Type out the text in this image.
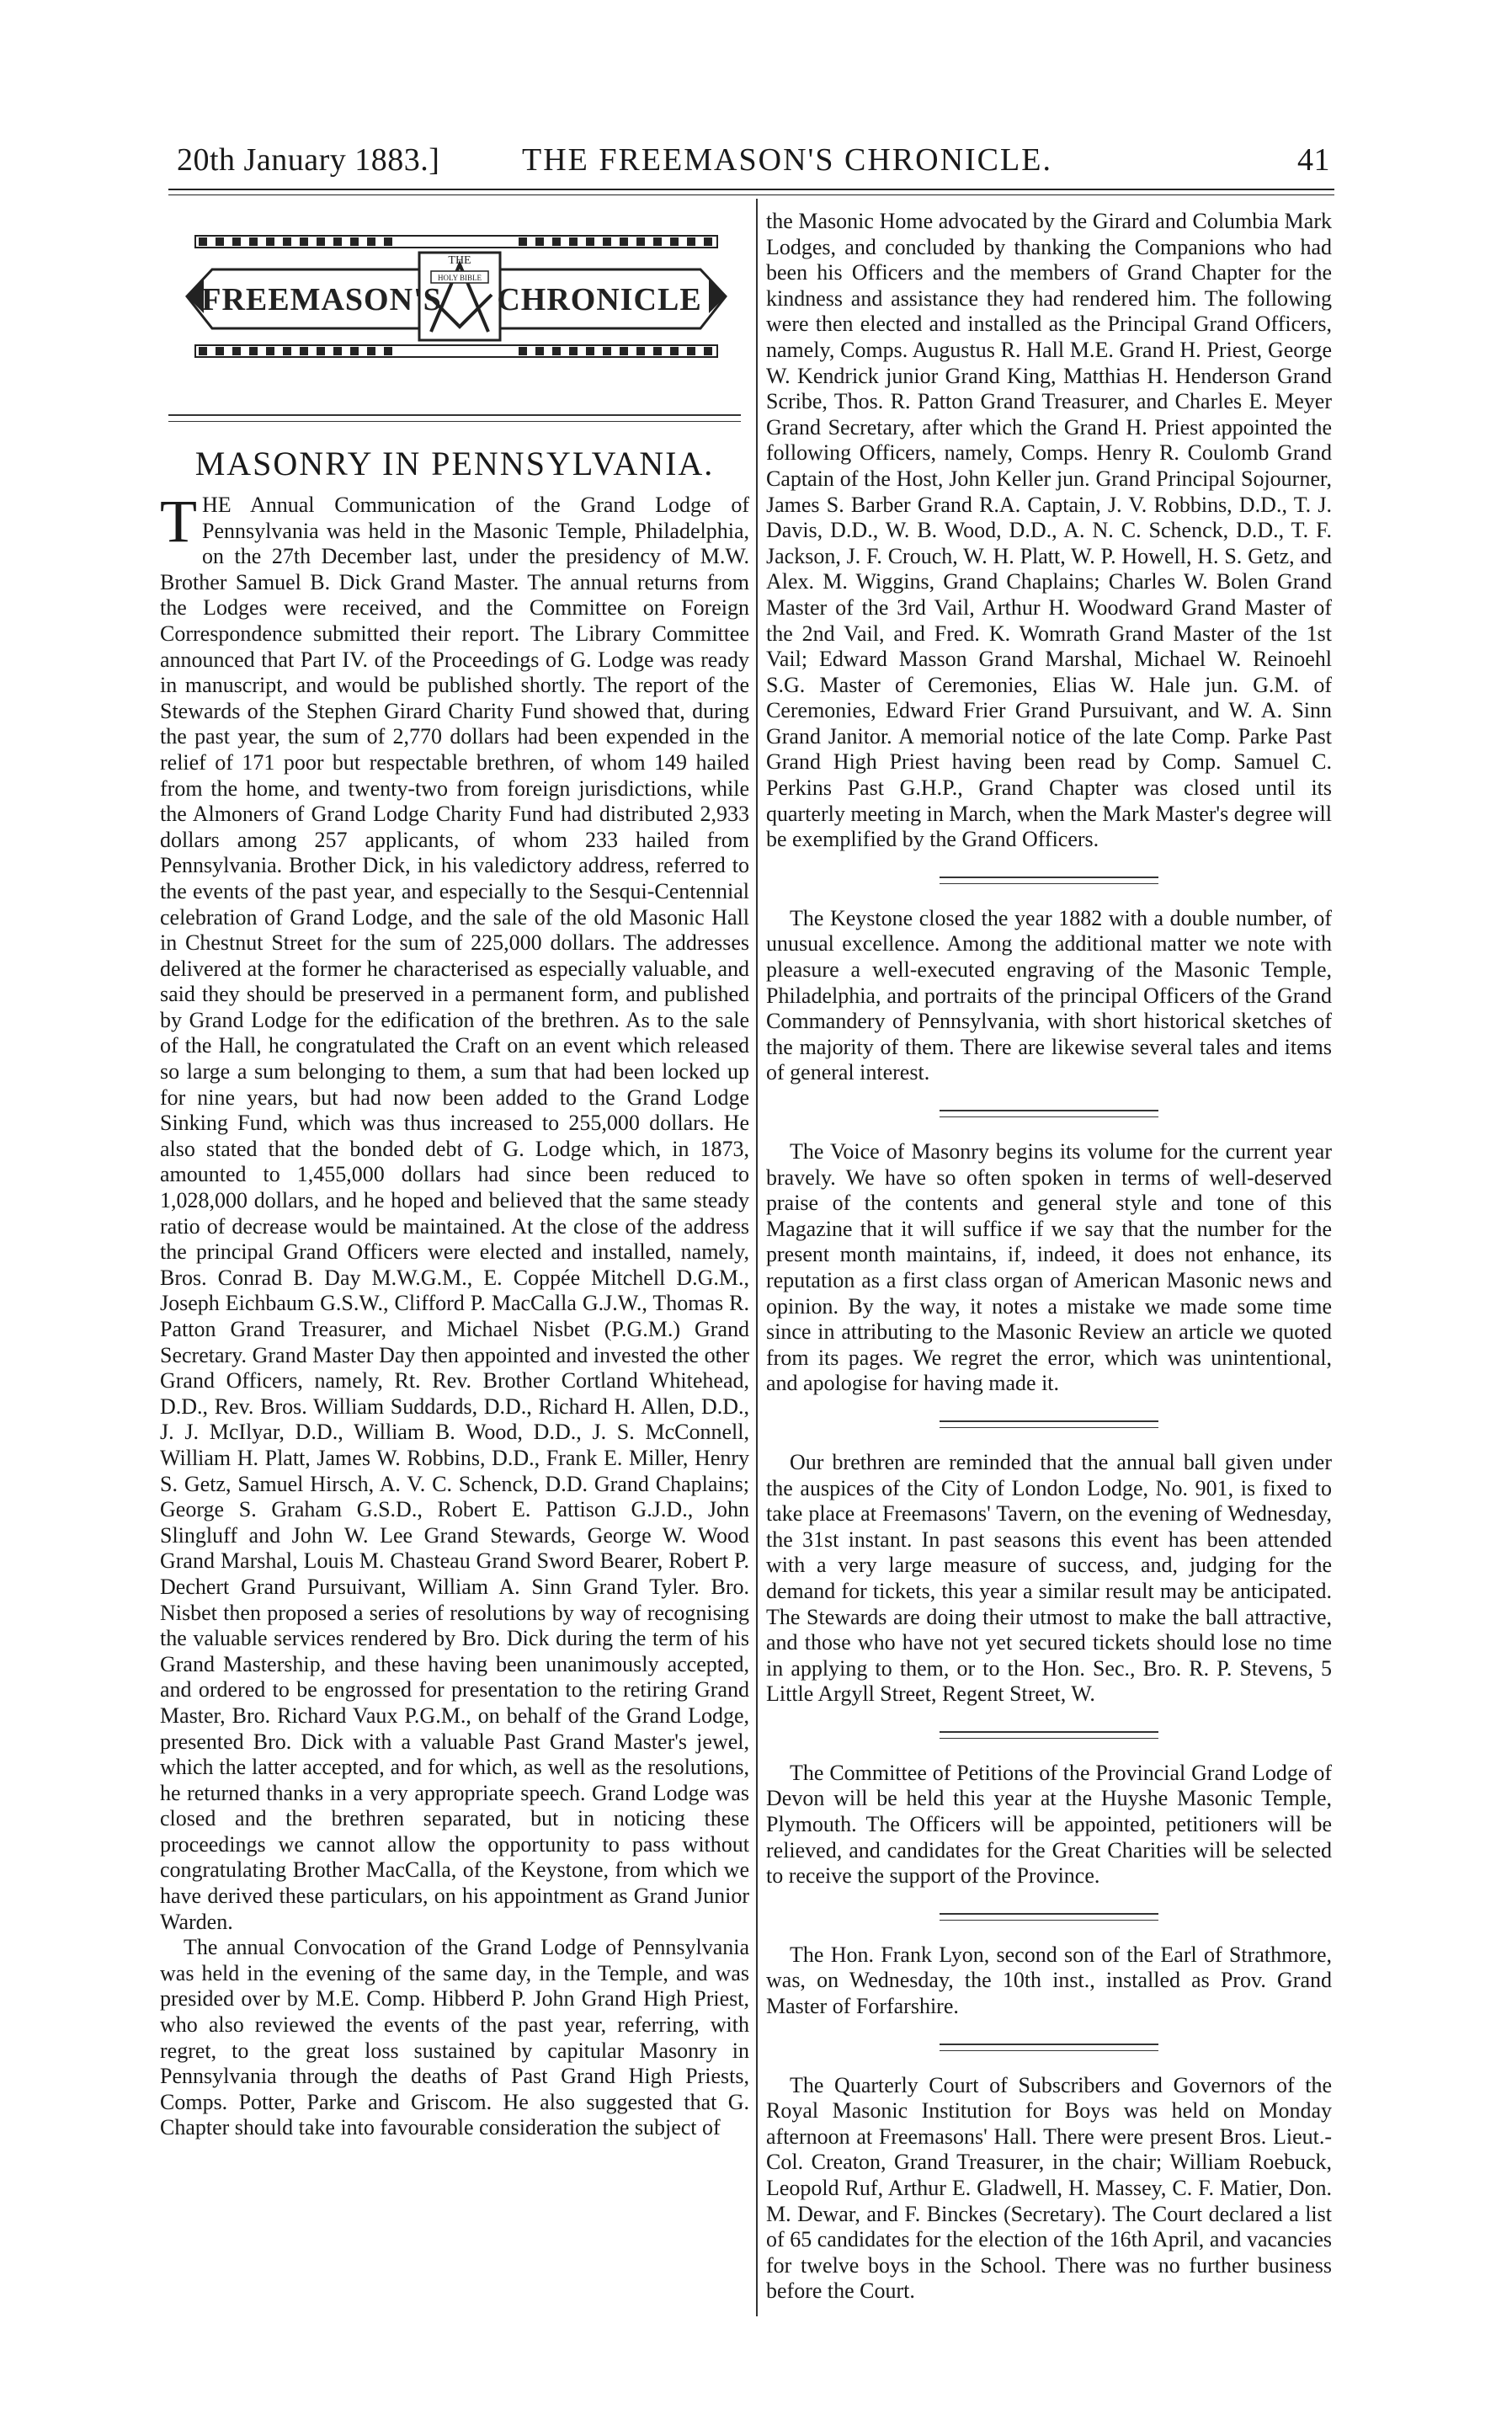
20th January 1883.]	THE FREEMASON'S CHRONICLE.	41
THE
HOLY BIBLE
FREEMASON'S CHRONICLE
MASONRY IN PENNSYLVANIA.

THE Annual Communication of the Grand Lodge of Pennsylvania was held in the Masonic Temple, Philadelphia, on the 27th December last, under the presidency of M.W. Brother Samuel B. Dick Grand Master. The annual returns from the Lodges were received, and the Committee on Foreign Correspondence submitted their report. The Library Committee announced that Part IV. of the Proceedings of G. Lodge was ready in manuscript, and would be published shortly. The report of the Stewards of the Stephen Girard Charity Fund showed that, during the past year, the sum of 2,770 dollars had been expended in the relief of 171 poor but respectable brethren, of whom 149 hailed from the home, and twenty-two from foreign jurisdictions, while the Almoners of Grand Lodge Charity Fund had distributed 2,933 dollars among 257 applicants, of whom 233 hailed from Pennsylvania. Brother Dick, in his valedictory address, referred to the events of the past year, and especially to the Sesqui-Centennial celebration of Grand Lodge, and the sale of the old Masonic Hall in Chestnut Street for the sum of 225,000 dollars. The addresses delivered at the former he characterised as especially valuable, and said they should be preserved in a permanent form, and published by Grand Lodge for the edification of the brethren. As to the sale of the Hall, he congratulated the Craft on an event which released so large a sum belonging to them, a sum that had been locked up for nine years, but had now been added to the Grand Lodge Sinking Fund, which was thus increased to 255,000 dollars. He also stated that the bonded debt of G. Lodge which, in 1873, amounted to 1,455,000 dollars had since been reduced to 1,028,000 dollars, and he hoped and believed that the same steady ratio of decrease would be maintained. At the close of the address the principal Grand Officers were elected and installed, namely, Bros. Conrad B. Day M.W.G.M., E. Coppée Mitchell D.G.M., Joseph Eichbaum G.S.W., Clifford P. MacCalla G.J.W., Thomas R. Patton Grand Treasurer, and Michael Nisbet (P.G.M.) Grand Secretary. Grand Master Day then appointed and invested the other Grand Officers, namely, Rt. Rev. Brother Cortland Whitehead, D.D., Rev. Bros. William Suddards, D.D., Richard H. Allen, D.D., J. J. McIlyar, D.D., William B. Wood, D.D., J. S. McConnell, William H. Platt, James W. Robbins, D.D., Frank E. Miller, Henry S. Getz, Samuel Hirsch, A. V. C. Schenck, D.D. Grand Chaplains; George S. Graham G.S.D., Robert E. Pattison G.J.D., John Slingluff and John W. Lee Grand Stewards, George W. Wood Grand Marshal, Louis M. Chasteau Grand Sword Bearer, Robert P. Dechert Grand Pursuivant, William A. Sinn Grand Tyler. Bro. Nisbet then proposed a series of resolutions by way of recognising the valuable services rendered by Bro. Dick during the term of his Grand Mastership, and these having been unanimously accepted, and ordered to be engrossed for presentation to the retiring Grand Master, Bro. Richard Vaux P.G.M., on behalf of the Grand Lodge, presented Bro. Dick with a valuable Past Grand Master's jewel, which the latter accepted, and for which, as well as the resolutions, he returned thanks in a very appropriate speech. Grand Lodge was closed and the brethren separated, but in noticing these proceedings we cannot allow the opportunity to pass without congratulating Brother MacCalla, of the Keystone, from which we have derived these particulars, on his appointment as Grand Junior Warden.

The annual Convocation of the Grand Lodge of Pennsylvania was held in the evening of the same day, in the Temple, and was presided over by M.E. Comp. Hibberd P. John Grand High Priest, who also reviewed the events of the past year, referring, with regret, to the great loss sustained by capitular Masonry in Pennsylvania through the deaths of Past Grand High Priests, Comps. Potter, Parke and Griscom. He also suggested that G. Chapter should take into favourable consideration the subject of

the Masonic Home advocated by the Girard and Columbia Mark Lodges, and concluded by thanking the Companions who had been his Officers and the members of Grand Chapter for the kindness and assistance they had rendered him. The following were then elected and installed as the Principal Grand Officers, namely, Comps. Augustus R. Hall M.E. Grand H. Priest, George W. Kendrick junior Grand King, Matthias H. Henderson Grand Scribe, Thos. R. Patton Grand Treasurer, and Charles E. Meyer Grand Secretary, after which the Grand H. Priest appointed the following Officers, namely, Comps. Henry R. Coulomb Grand Captain of the Host, John Keller jun. Grand Principal Sojourner, James S. Barber Grand R.A. Captain, J. V. Robbins, D.D., T. J. Davis, D.D., W. B. Wood, D.D., A. N. C. Schenck, D.D., T. F. Jackson, J. F. Crouch, W. H. Platt, W. P. Howell, H. S. Getz, and Alex. M. Wiggins, Grand Chaplains; Charles W. Bolen Grand Master of the 3rd Vail, Arthur H. Woodward Grand Master of the 2nd Vail, and Fred. K. Womrath Grand Master of the 1st Vail; Edward Masson Grand Marshal, Michael W. Reinoehl S.G. Master of Ceremonies, Elias W. Hale jun. G.M. of Ceremonies, Edward Frier Grand Pursuivant, and W. A. Sinn Grand Janitor. A memorial notice of the late Comp. Parke Past Grand High Priest having been read by Comp. Samuel C. Perkins Past G.H.P., Grand Chapter was closed until its quarterly meeting in March, when the Mark Master's degree will be exemplified by the Grand Officers.

The Keystone closed the year 1882 with a double number, of unusual excellence. Among the additional matter we note with pleasure a well-executed engraving of the Masonic Temple, Philadelphia, and portraits of the principal Officers of the Grand Commandery of Pennsylvania, with short historical sketches of the majority of them. There are likewise several tales and items of general interest.

The Voice of Masonry begins its volume for the current year bravely. We have so often spoken in terms of well-deserved praise of the contents and general style and tone of this Magazine that it will suffice if we say that the number for the present month maintains, if, indeed, it does not enhance, its reputation as a first class organ of American Masonic news and opinion. By the way, it notes a mistake we made some time since in attributing to the Masonic Review an article we quoted from its pages. We regret the error, which was unintentional, and apologise for having made it.

Our brethren are reminded that the annual ball given under the auspices of the City of London Lodge, No. 901, is fixed to take place at Freemasons' Tavern, on the evening of Wednesday, the 31st instant. In past seasons this event has been attended with a very large measure of success, and, judging for the demand for tickets, this year a similar result may be anticipated. The Stewards are doing their utmost to make the ball attractive, and those who have not yet secured tickets should lose no time in applying to them, or to the Hon. Sec., Bro. R. P. Stevens, 5 Little Argyll Street, Regent Street, W.

The Committee of Petitions of the Provincial Grand Lodge of Devon will be held this year at the Huyshe Masonic Temple, Plymouth. The Officers will be appointed, petitioners will be relieved, and candidates for the Great Charities will be selected to receive the support of the Province.

The Hon. Frank Lyon, second son of the Earl of Strathmore, was, on Wednesday, the 10th inst., installed as Prov. Grand Master of Forfarshire.

The Quarterly Court of Subscribers and Governors of the Royal Masonic Institution for Boys was held on Monday afternoon at Freemasons' Hall. There were present Bros. Lieut.-Col. Creaton, Grand Treasurer, in the chair; William Roebuck, Leopold Ruf, Arthur E. Gladwell, H. Massey, C. F. Matier, Don. M. Dewar, and F. Binckes (Secretary). The Court declared a list of 65 candidates for the election of the 16th April, and vacancies for twelve boys in the School. There was no further business before the Court.
